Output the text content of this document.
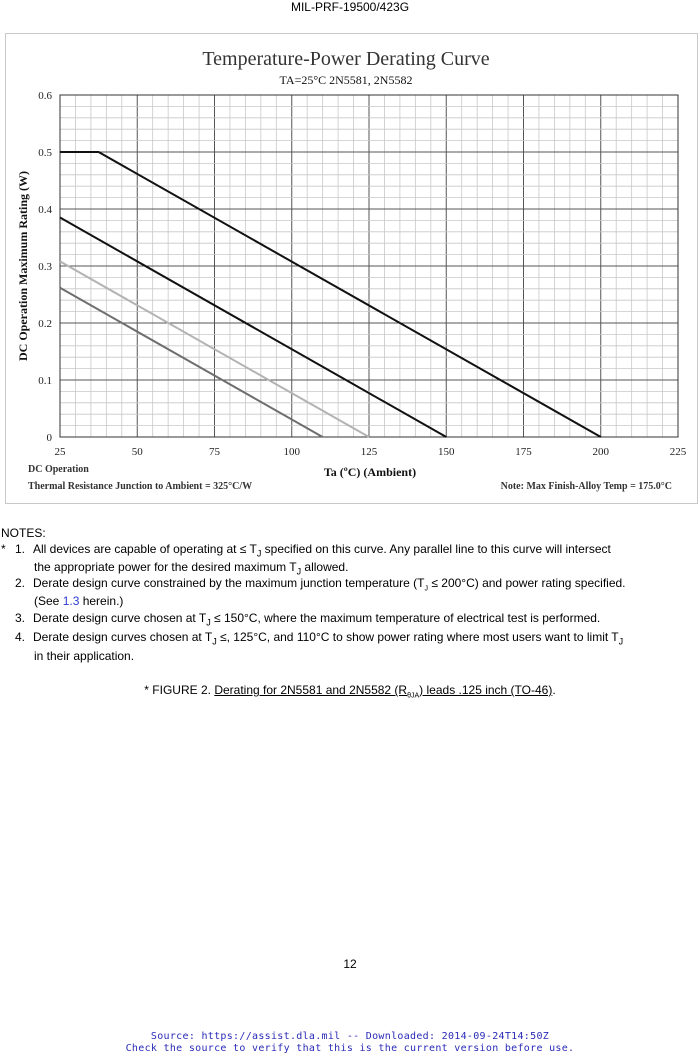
MIL-PRF-19500/423G
Temperature-Power Derating Curve
TA=25°C 2N5581, 2N5582
25	50	75	100	125	150	175	200	225
0
0.1
0.2
0.3
0.4
0.5
0.6
Ta (ºC) (Ambient)
DC Operation Maximum Rating (W)
DC Operation
Thermal Resistance Junction to Ambient = 325°C/W	Note: Max Finish-Alloy Temp = 175.0°C
NOTES:
* 1. All devices are capable of operating at ≤ $T_J$ specified on this curve. Any parallel line to this curve will intersect
the appropriate power for the desired maximum $T_J$ allowed.
2. Derate design curve constrained by the maximum junction temperature $(T_J \le 200^\circ C)$ and power rating specified.
(See 1.3 herein.)
3. Derate design curve chosen at $T_J \le 150^\circ C$, where the maximum temperature of electrical test is performed.
4. Derate design curves chosen at $T_J$ ≤, 125°C, and 110°C to show power rating where most users want to limit $T_J$
in their application.
* FIGURE 2. Derating for 2N5581 and 2N5582 $(R_{\theta JA})$ leads .125 inch (TO-46).
12
Source: https://assist.dla.mil -- Downloaded: 2014-09-24T14:50Z
Check the source to verify that this is the current version before use.
